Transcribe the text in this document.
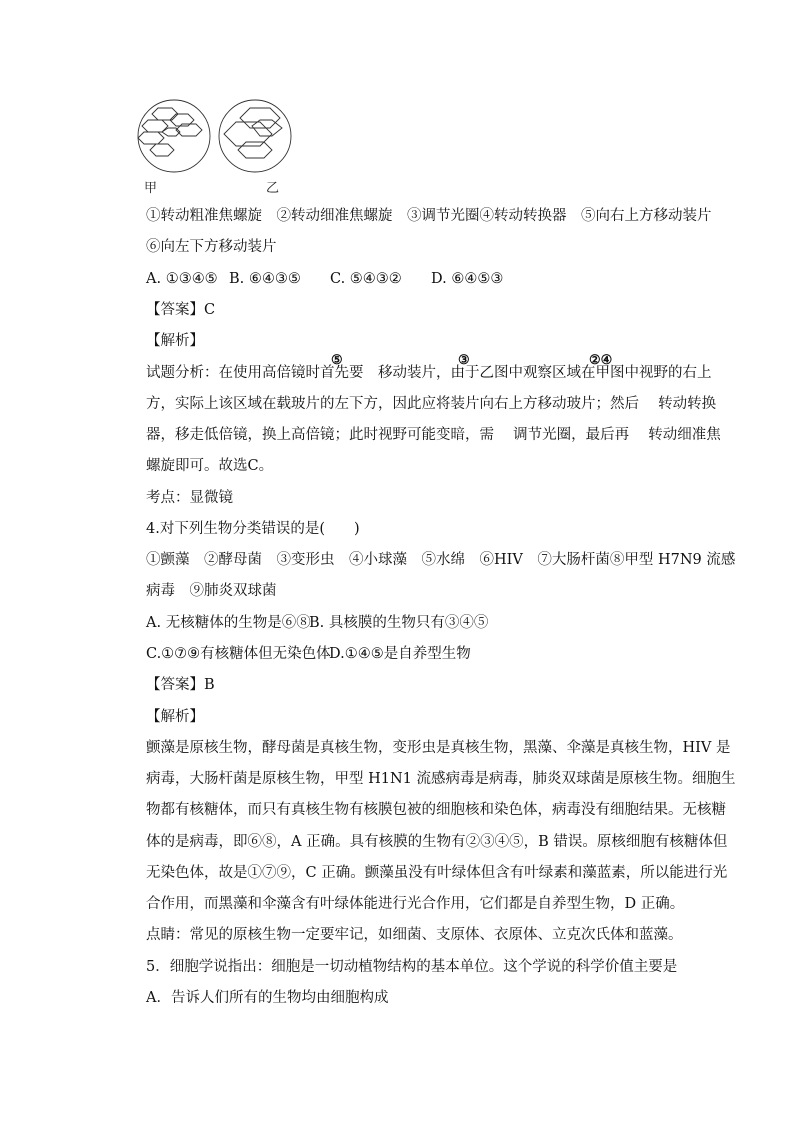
甲	乙
①转动粗准焦螺旋　②转动细准焦螺旋　③调节光圈④转动转换器　⑤向右上方移动装片
⑥向左下方移动装片
A. ①③④⑤ B. ⑥④③⑤ C. ⑤④③② D. ⑥④⑤③
【答案】C
【解析】
⑤	③	②④
试题分析：在使用高倍镜时首先要　移动装片，由于乙图中观察区域在甲图中视野的右上
方，实际上该区域在载玻片的左下方，因此应将装片向右上方移动玻片；然后　 转动转换
器，移走低倍镜，换上高倍镜；此时视野可能变暗，需　 调节光圈，最后再　 转动细准焦
螺旋即可。故选C。
考点：显微镜
4.对下列生物分类错误的是(　　)
①颤藻　②酵母菌　③变形虫　④小球藻　⑤水绵　⑥HIV　⑦大肠杆菌⑧甲型 H7N9 流感
病毒　⑨肺炎双球菌
A. 无核糖体的生物是⑥⑧B. 具核膜的生物只有③④⑤
C.①⑦⑨有核糖体但无染色体D.①④⑤是自养型生物
【答案】B
【解析】
颤藻是原核生物，酵母菌是真核生物，变形虫是真核生物，黑藻、伞藻是真核生物，HIV 是
病毒，大肠杆菌是原核生物，甲型 H1N1 流感病毒是病毒，肺炎双球菌是原核生物。细胞生
物都有核糖体，而只有真核生物有核膜包被的细胞核和染色体，病毒没有细胞结果。无核糖
体的是病毒，即⑥⑧，A 正确。具有核膜的生物有②③④⑤，B 错误。原核细胞有核糖体但
无染色体，故是①⑦⑨，C 正确。颤藻虽没有叶绿体但含有叶绿素和藻蓝素，所以能进行光
合作用，而黑藻和伞藻含有叶绿体能进行光合作用，它们都是自养型生物，D 正确。
点睛：常见的原核生物一定要牢记，如细菌、支原体、衣原体、立克次氏体和蓝藻。
5．细胞学说指出：细胞是一切动植物结构的基本单位。这个学说的科学价值主要是
A．告诉人们所有的生物均由细胞构成
